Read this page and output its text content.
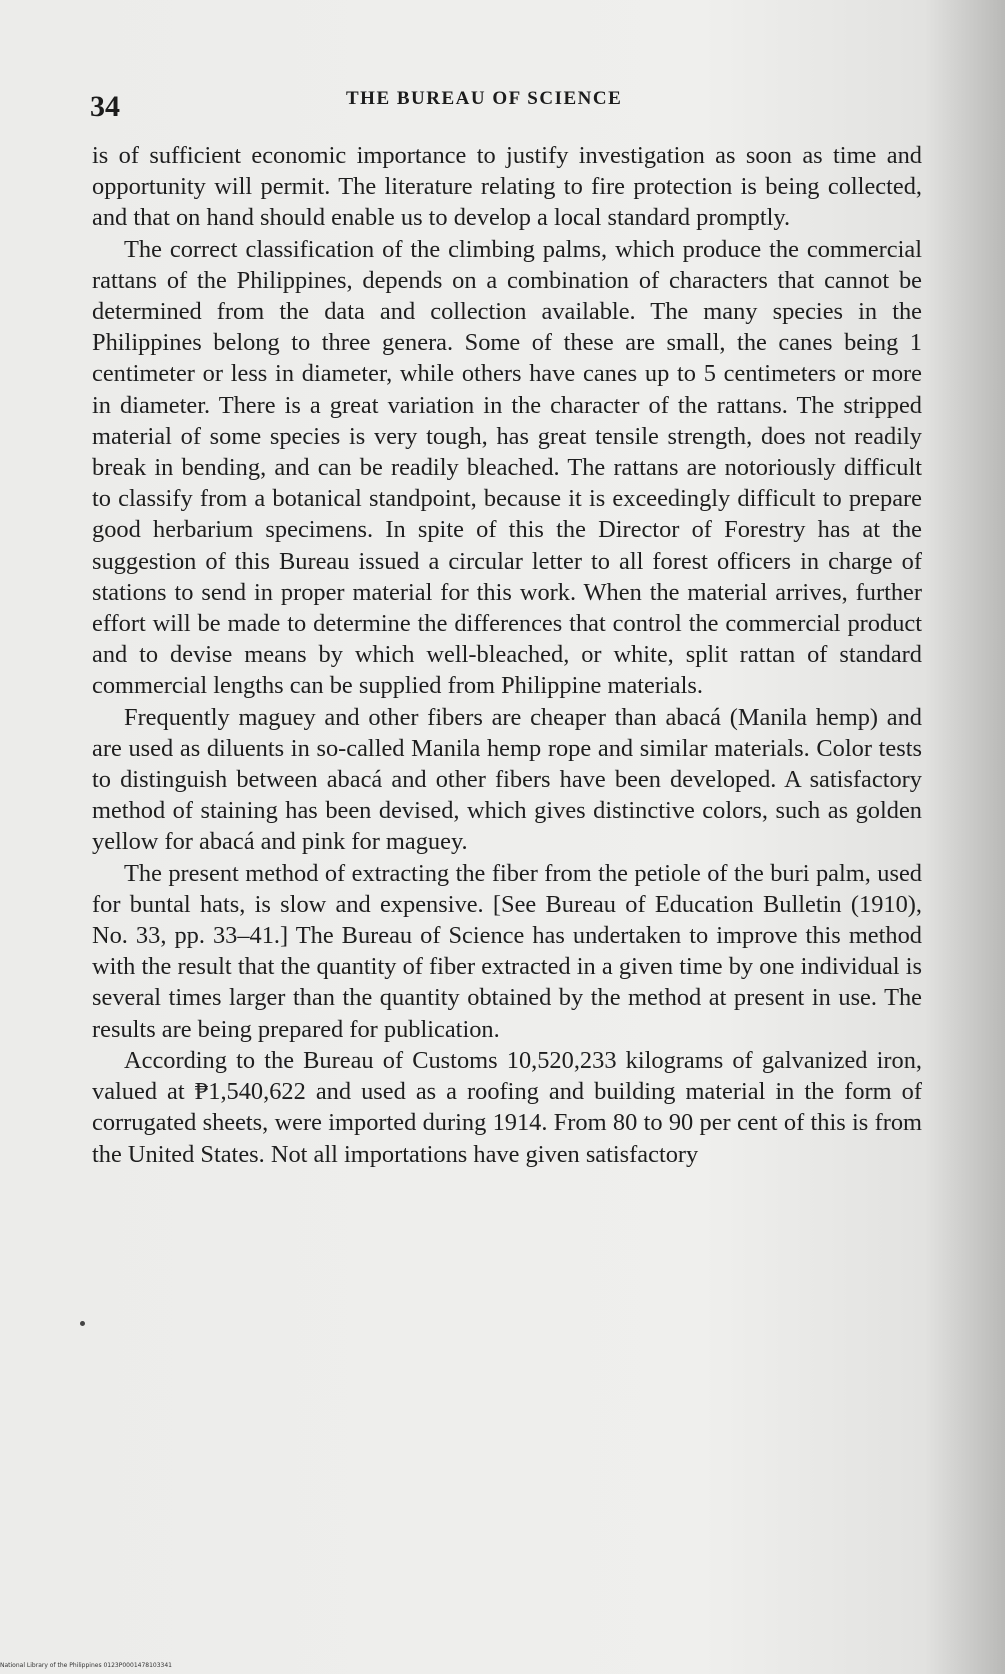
34	THE BUREAU OF SCIENCE

is of sufficient economic importance to justify investigation as soon as time and opportunity will permit. The literature relating to fire protection is being collected, and that on hand should enable us to develop a local standard promptly.

The correct classification of the climbing palms, which produce the commercial rattans of the Philippines, depends on a combination of characters that cannot be determined from the data and collection available. The many species in the Philippines belong to three genera. Some of these are small, the canes being 1 centimeter or less in diameter, while others have canes up to 5 centimeters or more in diameter. There is a great variation in the character of the rattans. The stripped material of some species is very tough, has great tensile strength, does not readily break in bending, and can be readily bleached. The rattans are notoriously difficult to classify from a botanical standpoint, because it is exceedingly difficult to prepare good herbarium specimens. In spite of this the Director of Forestry has at the suggestion of this Bureau issued a circular letter to all forest officers in charge of stations to send in proper material for this work. When the material arrives, further effort will be made to determine the differences that control the commercial product and to devise means by which well-bleached, or white, split rattan of standard commercial lengths can be supplied from Philippine materials.

Frequently maguey and other fibers are cheaper than abacá (Manila hemp) and are used as diluents in so-called Manila hemp rope and similar materials. Color tests to distinguish between abacá and other fibers have been developed. A satisfactory method of staining has been devised, which gives distinctive colors, such as golden yellow for abacá and pink for maguey.

The present method of extracting the fiber from the petiole of the buri palm, used for buntal hats, is slow and expensive. [See Bureau of Education Bulletin (1910), No. 33, pp. 33–41.] The Bureau of Science has undertaken to improve this method with the result that the quantity of fiber extracted in a given time by one individual is several times larger than the quantity obtained by the method at present in use. The results are being prepared for publication.

According to the Bureau of Customs 10,520,233 kilograms of galvanized iron, valued at ₱1,540,622 and used as a roofing and building material in the form of corrugated sheets, were imported during 1914. From 80 to 90 per cent of this is from the United States. Not all importations have given satisfactory

National Library of the Philippines 0123P0001478103341
